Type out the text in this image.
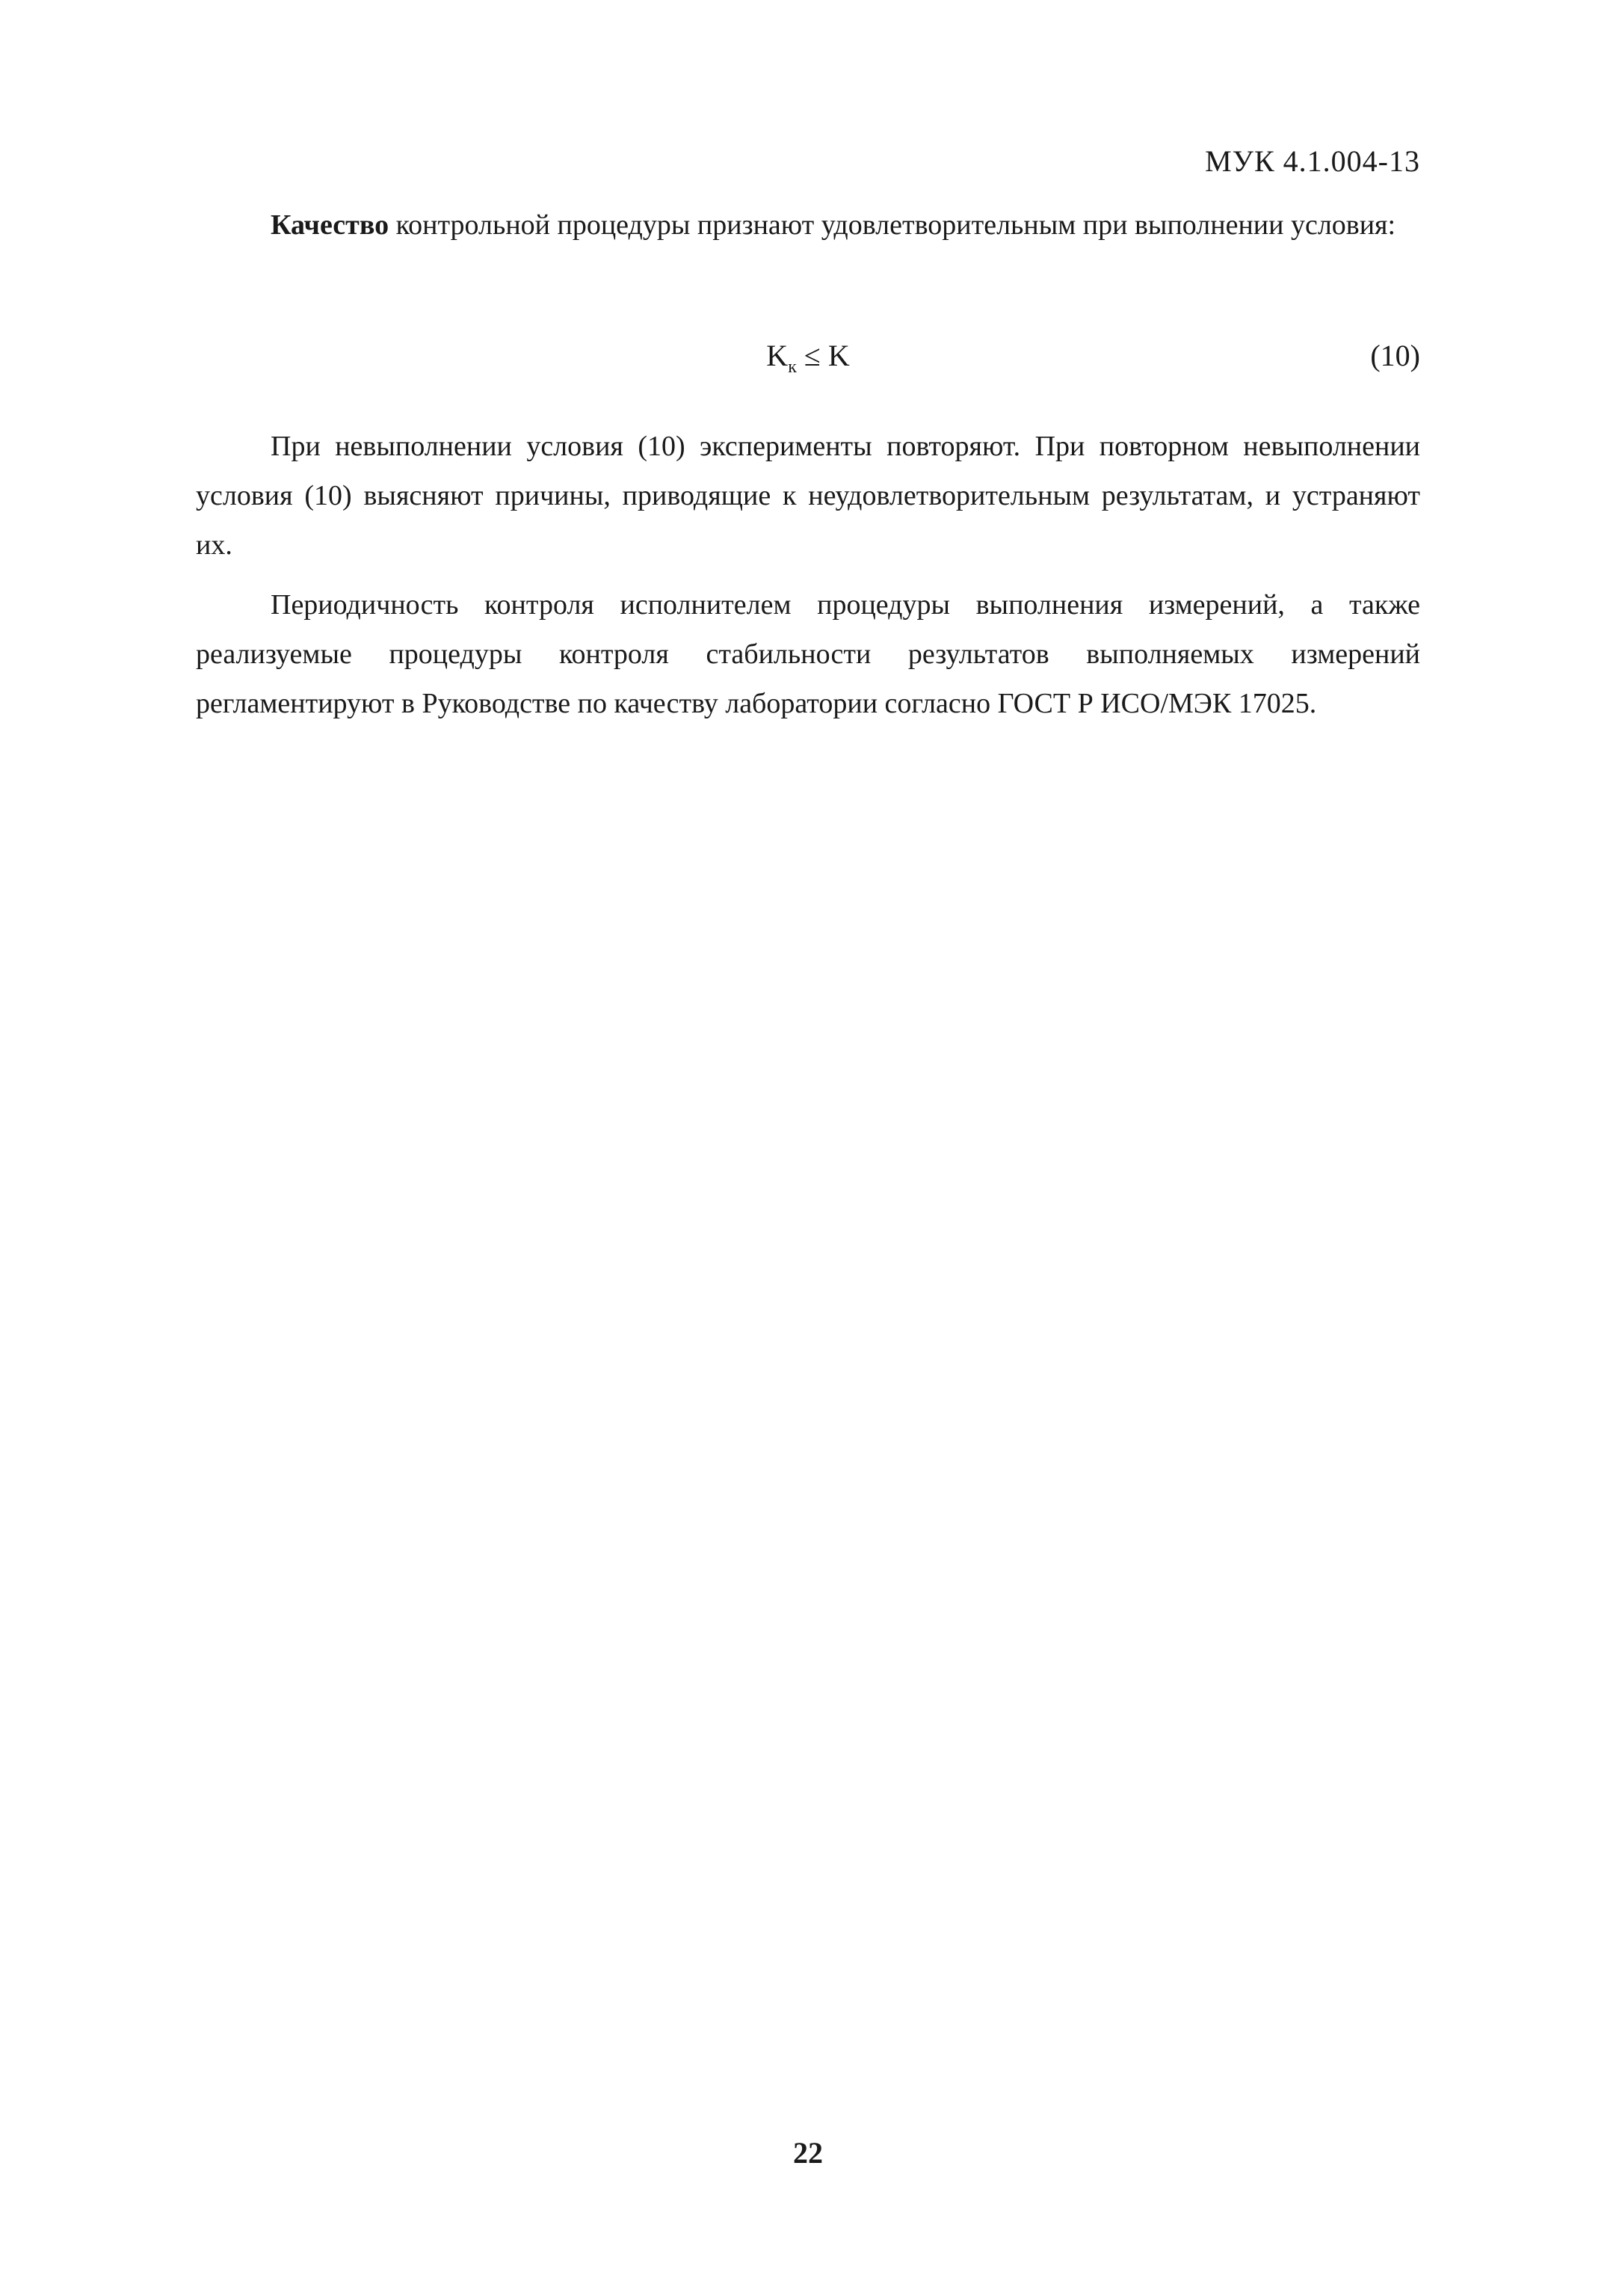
МУК 4.1.004-13

Качество контрольной процедуры признают удовлетворительным при выполнении условия:

$K_к \le K$	(10)

При невыполнении условия (10) эксперименты повторяют. При повторном невыполнении условия (10) выясняют причины, приводящие к неудовлетворительным результатам, и устраняют их.

Периодичность контроля исполнителем процедуры выполнения измерений, а также реализуемые процедуры контроля стабильности результатов выполняемых измерений регламентируют в Руководстве по качеству лаборатории согласно ГОСТ Р ИСО/МЭК 17025.

22
